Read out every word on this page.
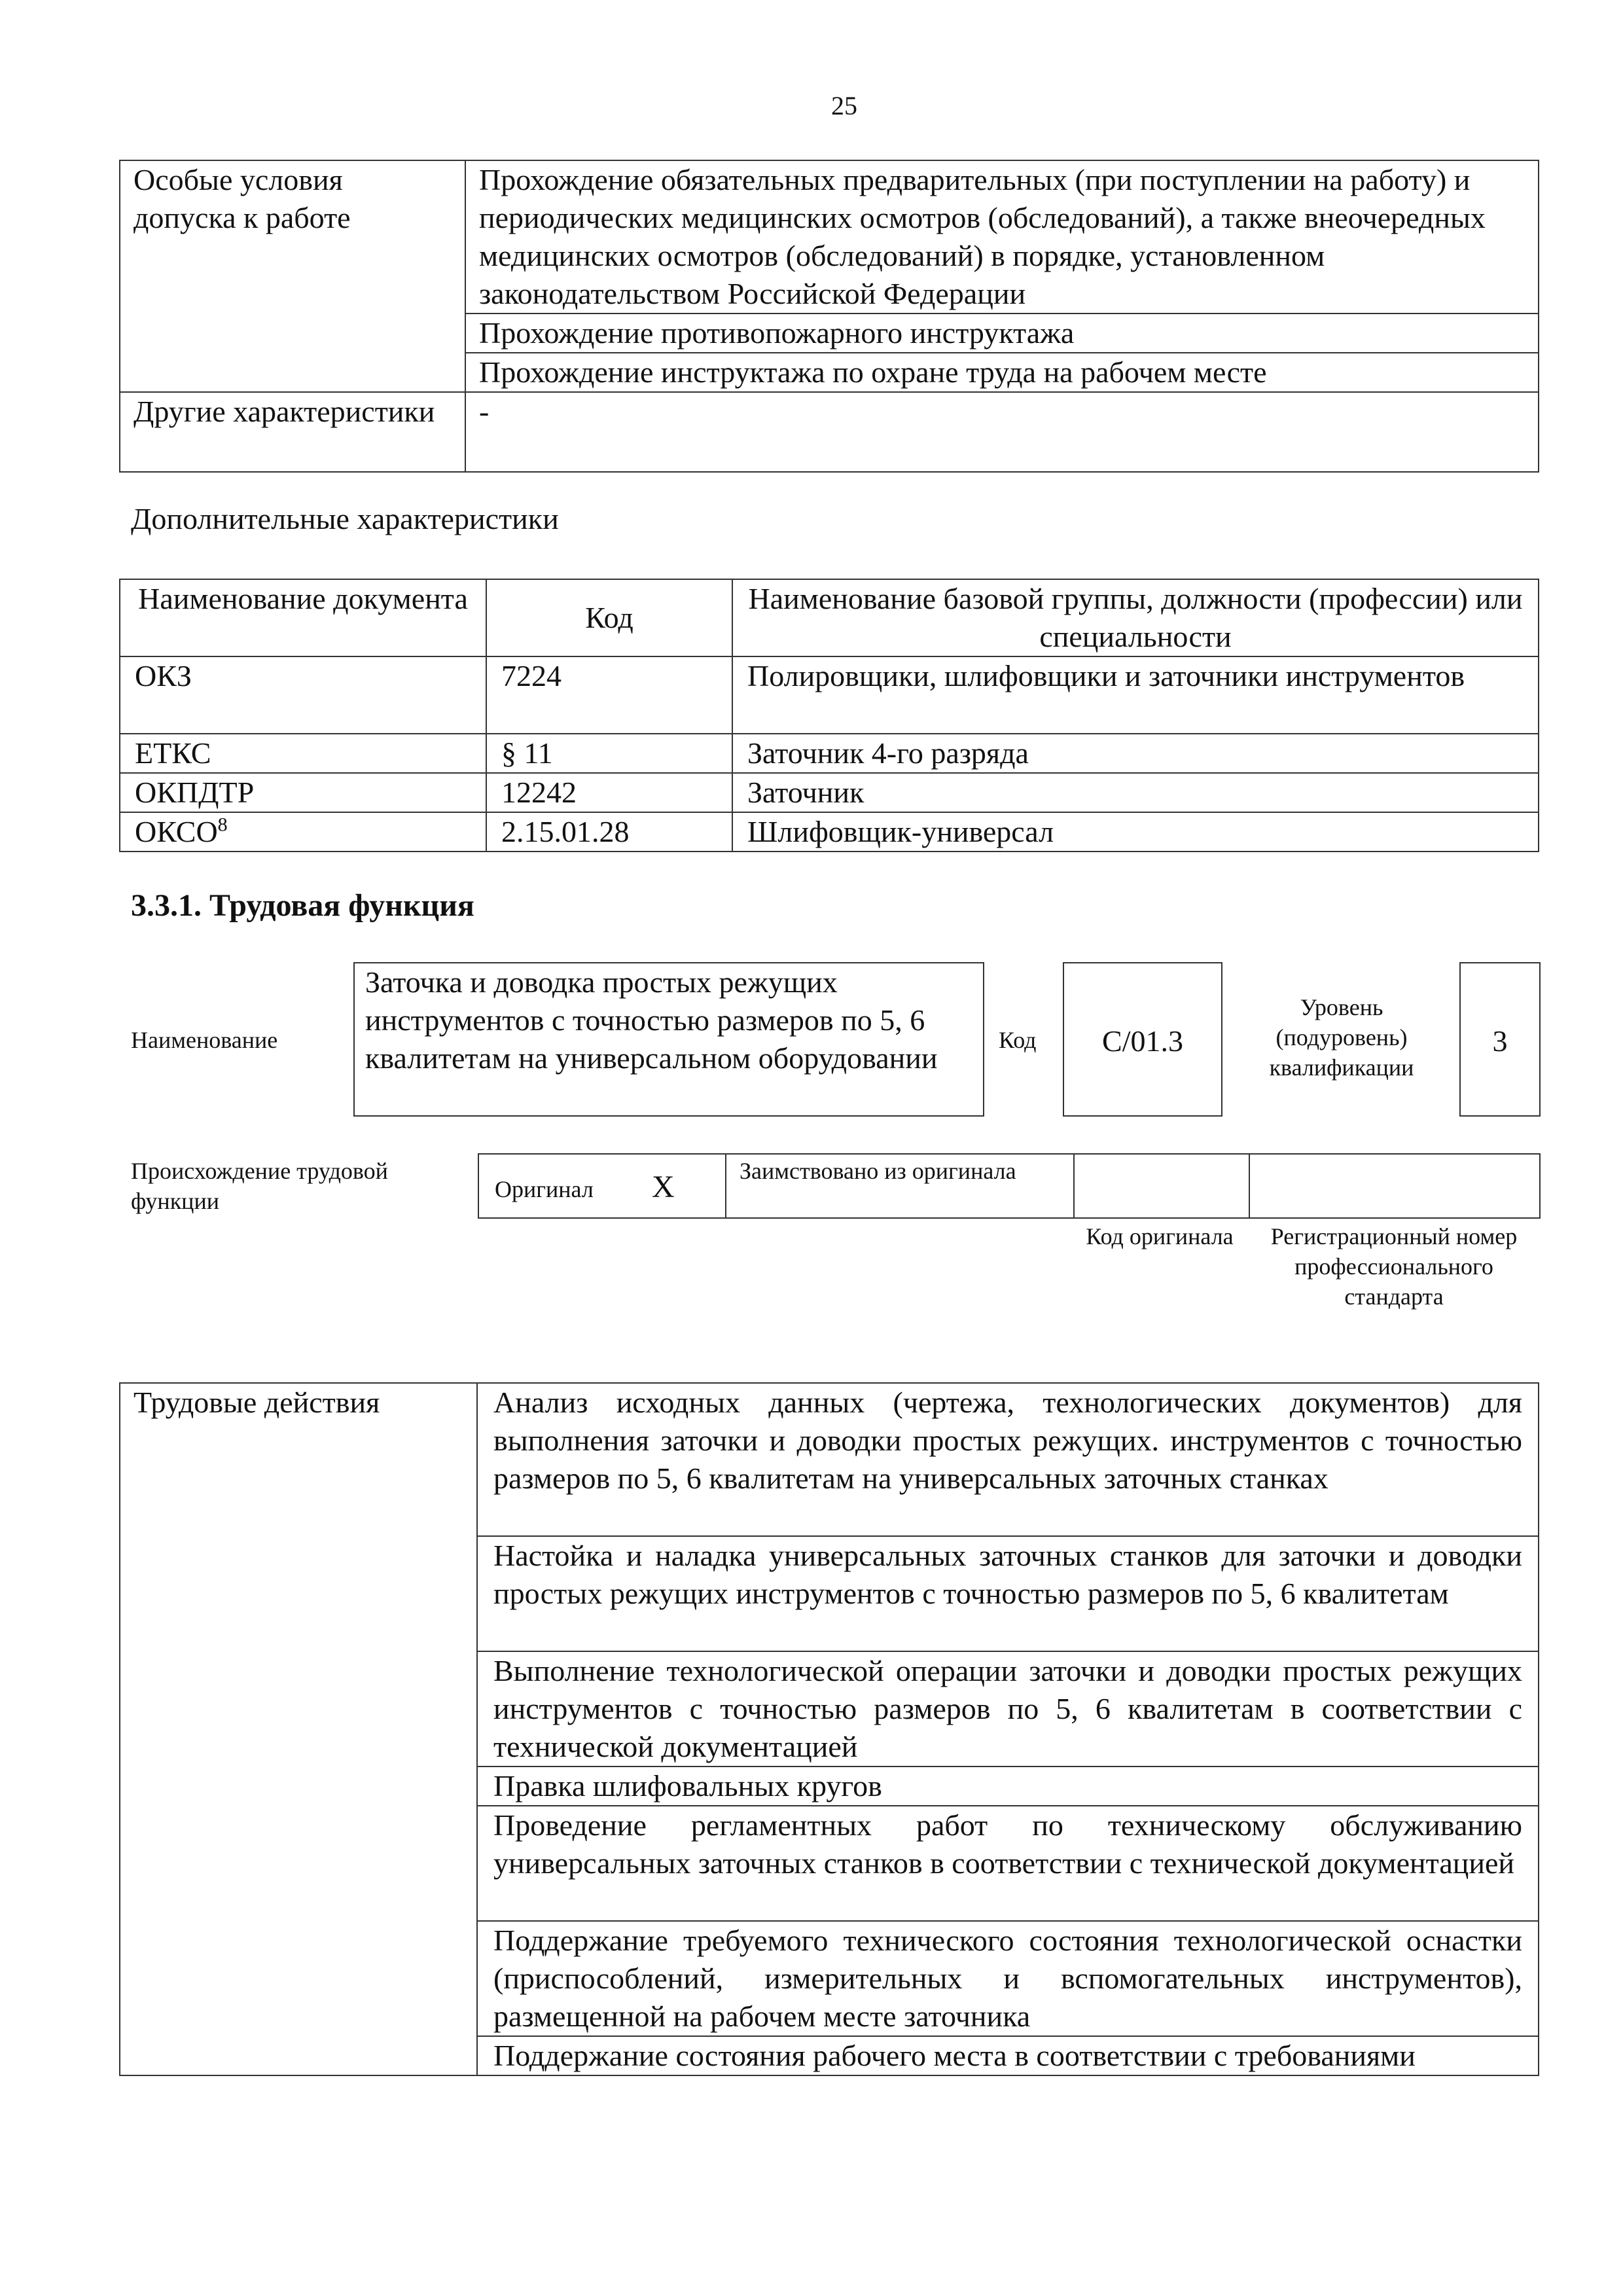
25
Особые условия допуска к работе	Прохождение обязательных предварительных (при поступлении на работу) и периодических медицинских осмотров (обследований), а также внеочередных медицинских осмотров (обследований) в порядке, установленном законодательством Российской Федерации
	Прохождение противопожарного инструктажа
	Прохождение инструктажа по охране труда на рабочем месте
Другие характеристики	-
Дополнительные характеристики
Наименование документа	Код	Наименование базовой группы, должности (профессии) или специальности
ОКЗ	7224	Полировщики, шлифовщики и заточники инструментов
ЕТКС	§ 11	Заточник 4-го разряда
ОКПДТР	12242	Заточник
ОКСО$^8$	2.15.01.28	Шлифовщик-универсал
3.3.1. Трудовая функция
Наименование
Заточка и доводка простых режущих инструментов с точностью размеров по 5, 6 квалитетам на универсальном оборудовании
Код	C/01.3
Уровень (подуровень) квалификации
3
Происхождение трудовой функции	Оригинал X	Заимствовано из оригинала
Код оригинала	Регистрационный номер профессионального стандарта
Трудовые действия	Анализ исходных данных (чертежа, технологических документов) для выполнения заточки и доводки простых режущих. инструментов с точностью размеров по 5, 6 квалитетам на универсальных заточных станках
Настойка и наладка универсальных заточных станков для заточки и доводки простых режущих инструментов с точностью размеров по 5, 6 квалитетам
Выполнение технологической операции заточки и доводки простых режущих инструментов с точностью размеров по 5, 6 квалитетам в соответствии с технической документацией
Правка шлифовальных кругов
Проведение регламентных работ по техническому обслуживанию универсальных заточных станков в соответствии с технической документацией
Поддержание требуемого технического состояния технологической оснастки (приспособлений, измерительных и вспомогательных инструментов), размещенной на рабочем месте заточника
Поддержание состояния рабочего места в соответствии с требованиями
